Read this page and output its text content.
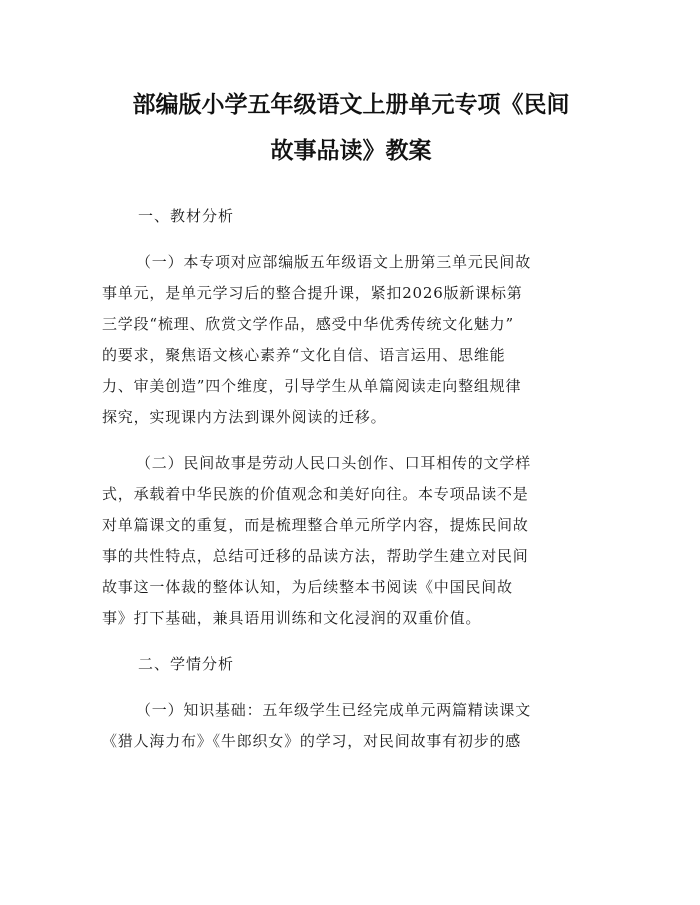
部编版小学五年级语文上册单元专项《民间
故事品读》教案

一、教材分析

（一）本专项对应部编版五年级语文上册第三单元民间故
事单元，是单元学习后的整合提升课，紧扣2026版新课标第
三学段“梳理、欣赏文学作品，感受中华优秀传统文化魅力”
的要求，聚焦语文核心素养“文化自信、语言运用、思维能
力、审美创造”四个维度，引导学生从单篇阅读走向整组规律
探究，实现课内方法到课外阅读的迁移。

（二）民间故事是劳动人民口头创作、口耳相传的文学样
式，承载着中华民族的价值观念和美好向往。本专项品读不是
对单篇课文的重复，而是梳理整合单元所学内容，提炼民间故
事的共性特点，总结可迁移的品读方法，帮助学生建立对民间
故事这一体裁的整体认知，为后续整本书阅读《中国民间故
事》打下基础，兼具语用训练和文化浸润的双重价值。

二、学情分析

（一）知识基础：五年级学生已经完成单元两篇精读课文
《猎人海力布》《牛郎织女》的学习，对民间故事有初步的感
